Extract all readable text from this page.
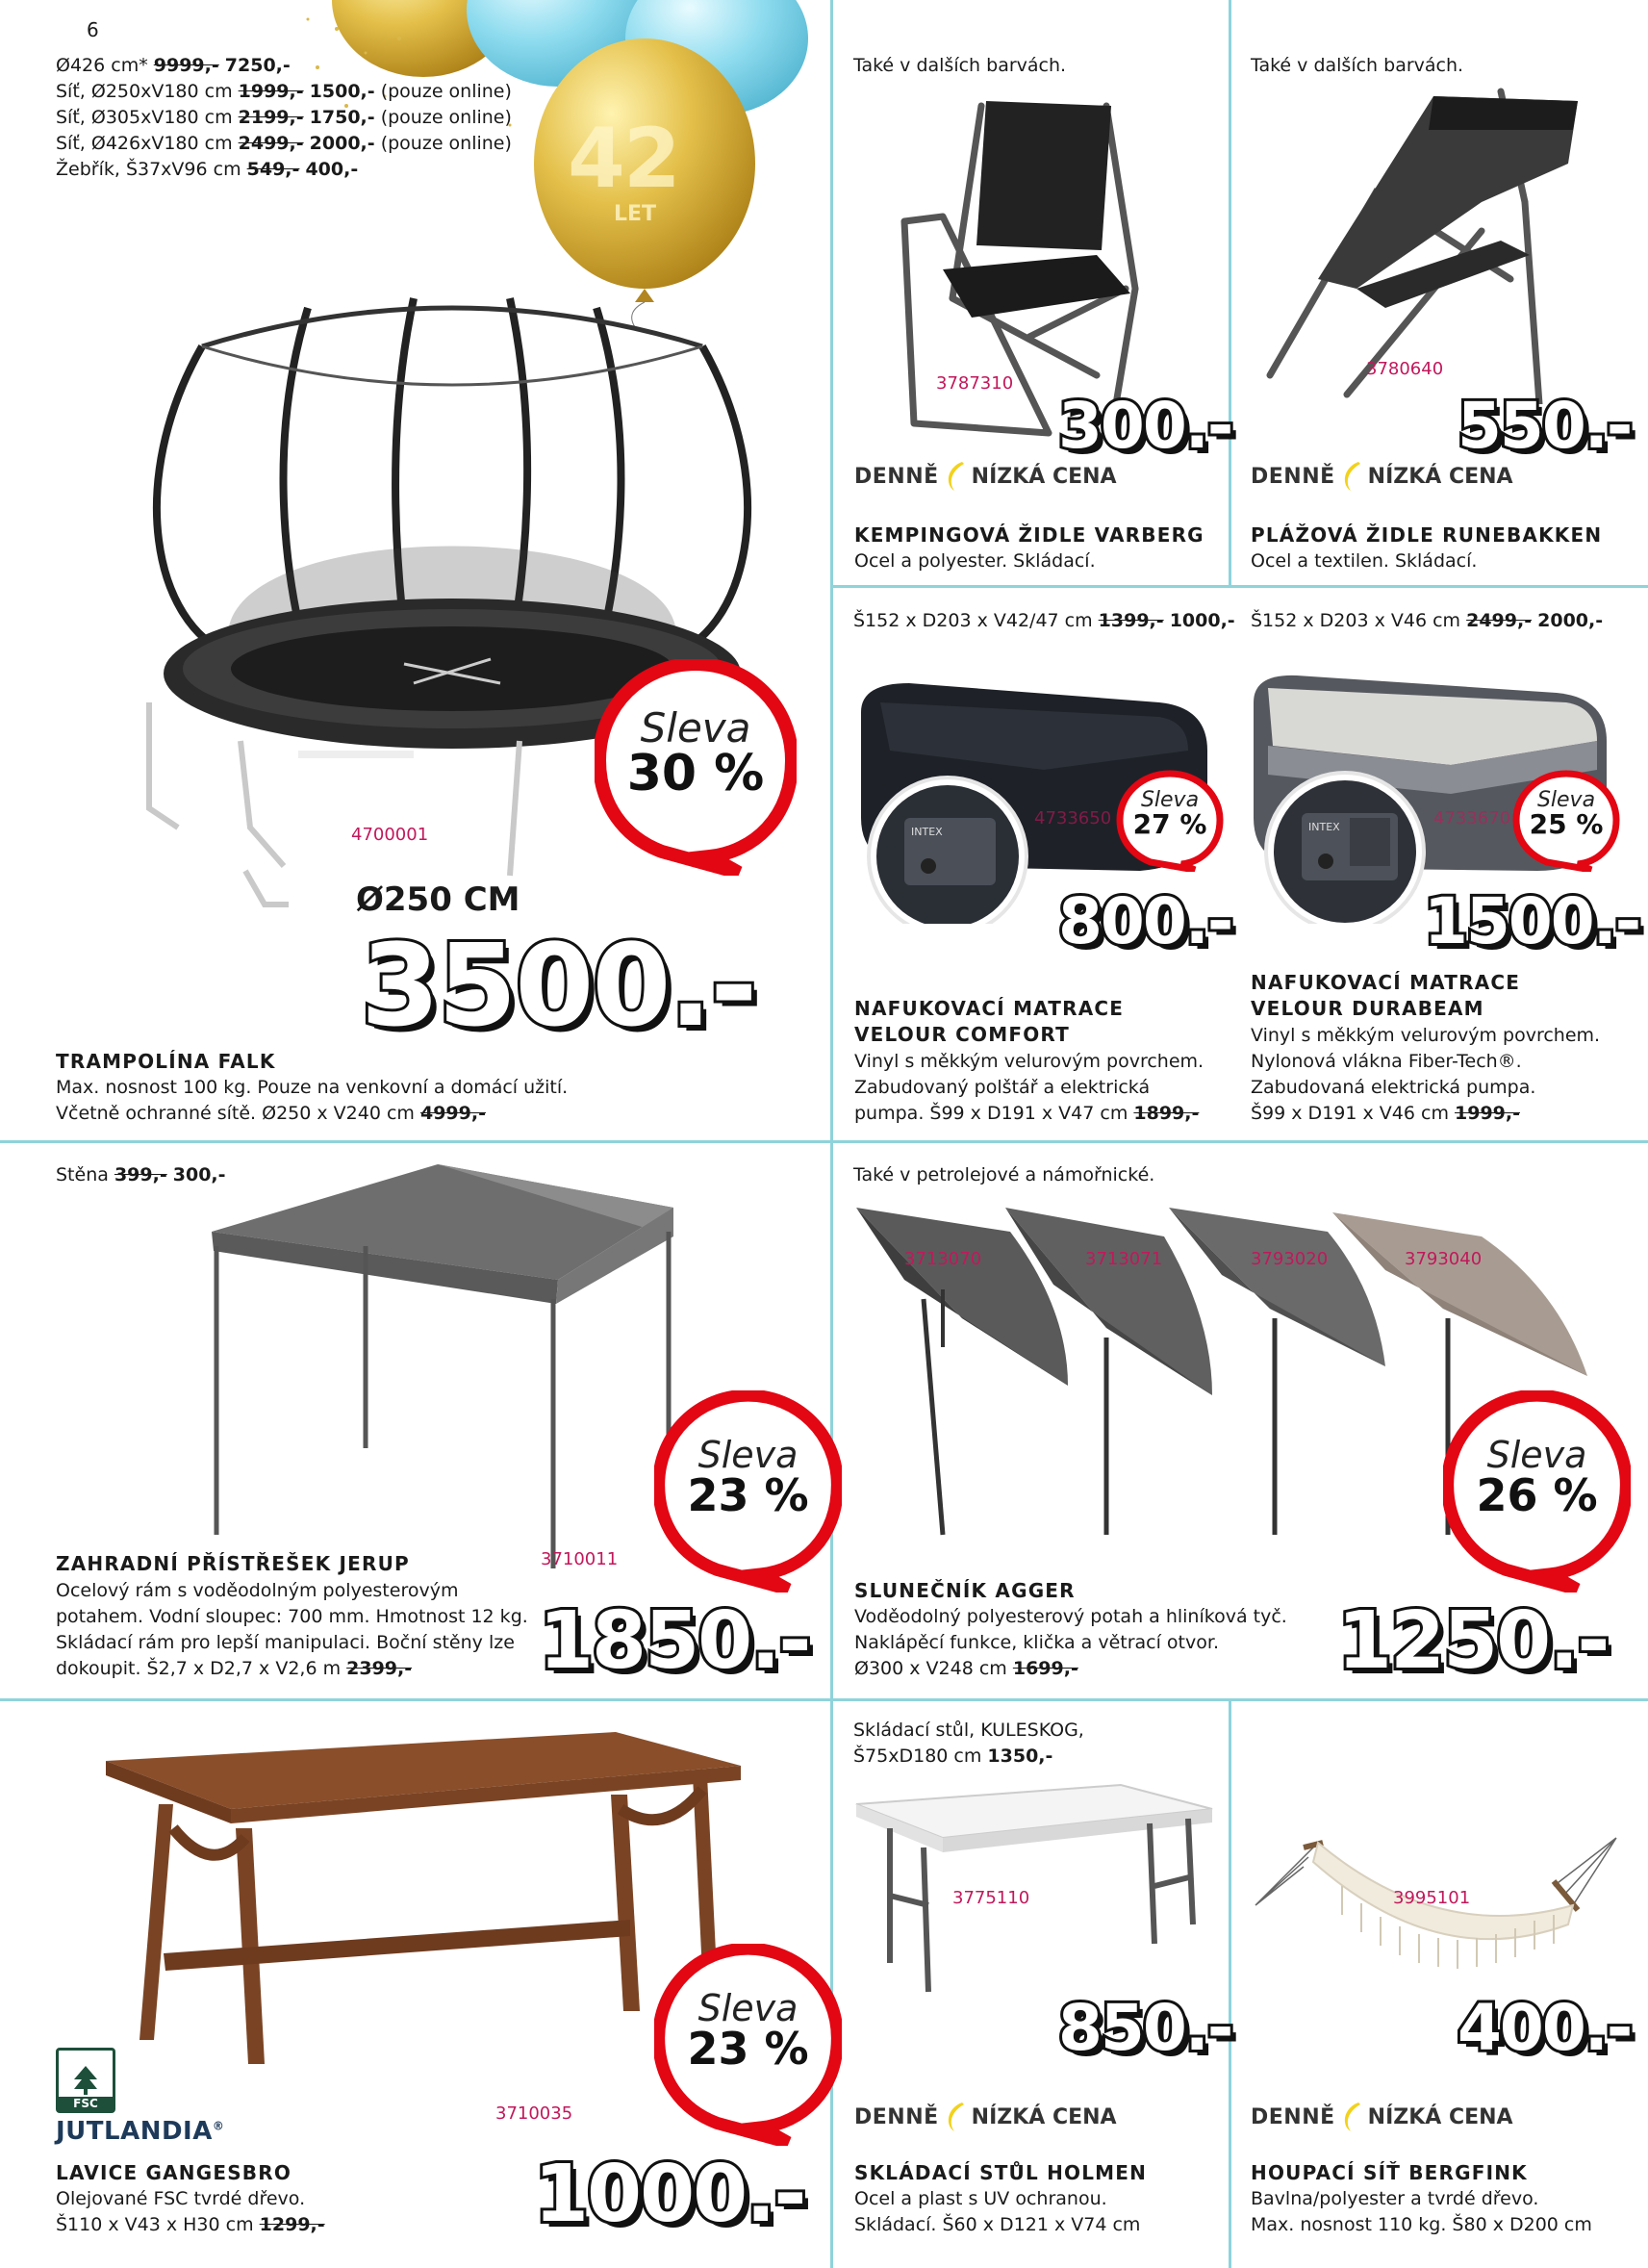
6
42
LET
Ø426 cm* 9999,- 7250,-
Síť, Ø250xV180 cm 1999,- 1500,- (pouze online)
Síť, Ø305xV180 cm 2199,- 1750,- (pouze online)
Síť, Ø426xV180 cm 2499,- 2000,- (pouze online)
Žebřík, Š37xV96 cm 549,- 400,-
Sleva
30 %
4700001
Ø250 CM
3500.-
TRAMPOLÍNA FALK
Max. nosnost 100 kg. Pouze na venkovní a domácí užití.
Včetně ochranné sítě. Ø250 x V240 cm 4999,-
Také v dalších barvách.
3787310
300.-
DENNĚ NÍZKÁ CENA
KEMPINGOVÁ ŽIDLE VARBERG
Ocel a polyester. Skládací.
Také v dalších barvách.
3780640
550.-
DENNĚ NÍZKÁ CENA
PLÁŽOVÁ ŽIDLE RUNEBAKKEN
Ocel a textilen. Skládací.
Š152 x D203 x V42/47 cm 1399,- 1000,-
INTEX
Sleva
27 %
4733650
800.-
NAFUKOVACÍ MATRACE
VELOUR COMFORT
Vinyl s měkkým velurovým povrchem.
Zabudovaný polštář a elektrická
pumpa. Š99 x D191 x V47 cm 1899,-
Š152 x D203 x V46 cm 2499,- 2000,-
INTEX
Sleva
25 %
4733670
1500.-
NAFUKOVACÍ MATRACE
VELOUR DURABEAM
Vinyl s měkkým velurovým povrchem.
Nylonová vlákna Fiber-Tech®.
Zabudovaná elektrická pumpa.
Š99 x D191 x V46 cm 1999,-
Stěna 399,- 300,-
Sleva
23 %
3710011
ZAHRADNÍ PŘÍSTŘEŠEK JERUP
Ocelový rám s voděodolným polyesterovým
potahem. Vodní sloupec: 700 mm. Hmotnost 12 kg.
Skládací rám pro lepší manipulaci. Boční stěny lze
dokoupit. Š2,7 x D2,7 x V2,6 m 2399,-	1850.-
Také v petrolejové a námořnické.
3713070	3713071	3793020	3793040
Sleva
26 %
SLUNEČNÍK AGGER
Voděodolný polyesterový potah a hliníková tyč.
Naklápěcí funkce, klička a větrací otvor.
Ø300 x V248 cm 1699,-	1250.-
Sleva
23 %
FSC
JUTLANDIA®
3710035
LAVICE GANGESBRO
Olejované FSC tvrdé dřevo.
Š110 x V43 x H30 cm 1299,-	1000.-
Skládací stůl, KULESKOG,
Š75xD180 cm 1350,-
3775110
850.-
DENNĚ NÍZKÁ CENA
SKLÁDACÍ STŮL HOLMEN
Ocel a plast s UV ochranou.
Skládací. Š60 x D121 x V74 cm
3995101
400.-
DENNĚ NÍZKÁ CENA
HOUPACÍ SÍŤ BERGFINK
Bavlna/polyester a tvrdé dřevo.
Max. nosnost 110 kg. Š80 x D200 cm
